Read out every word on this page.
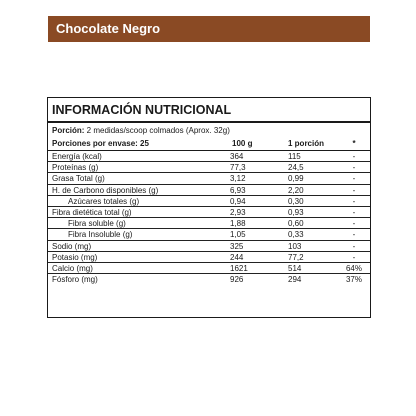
Chocolate Negro
INFORMACIÓN NUTRICIONAL
Porción: 2 medidas/scoop colmados (Aprox. 32g)
Porciones por envase: 25	100 g	1 porción	*
Energía (kcal)	364	115	-
Proteínas (g)	77,3	24,5	-
Grasa Total (g)	3,12	0,99	-
H. de Carbono disponibles (g)	6,93	2,20	-
Azúcares totales (g)	0,94	0,30	-
Fibra dietética total (g)	2,93	0,93	-
Fibra soluble (g)	1,88	0,60	-
Fibra Insoluble (g)	1,05	0,33	-
Sodio (mg)	325	103	-
Potasio (mg)	244	77,2	-
Calcio (mg)	1621	514	64%
Fósforo (mg)	926	294	37%
